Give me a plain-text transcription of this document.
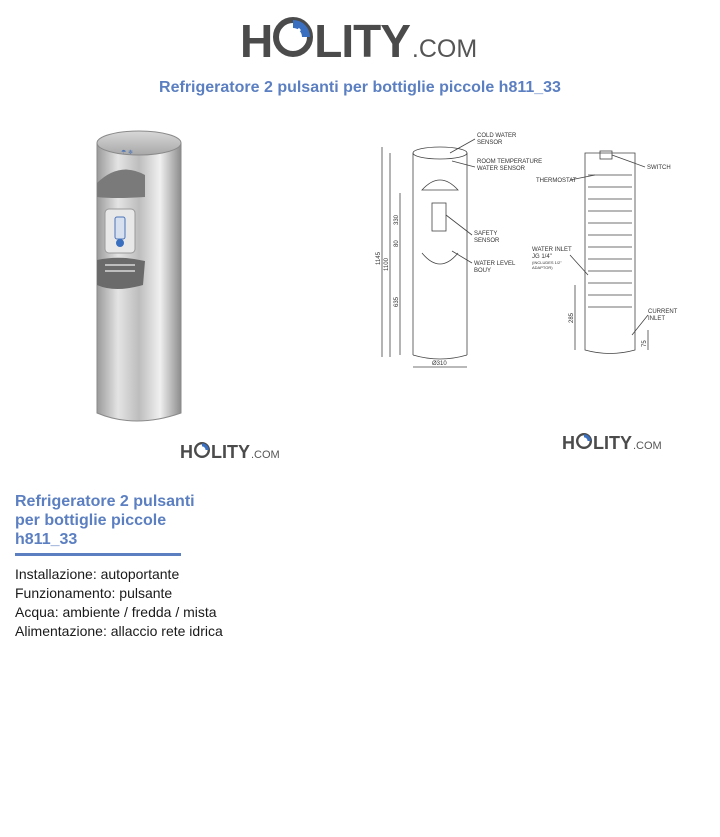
H LITY .COM
Refrigeratore 2 pulsanti per bottiglie piccole h811_33
☂ ❄
H LITY .COM
COLD WATER SENSOR
ROOM TEMPERATURE WATER SENSOR
SAFETY SENSOR
WATER LEVEL BOUY
SWITCH
THERMOSTAT
WATER INLET JG 1/4" (INCLUDES 1/2" ADAPTOR)
CURRENT INLET
1145 1100
330
80
635
Ø310
285
75
H LITY .COM
Refrigeratore 2 pulsanti
per bottiglie piccole
h811_33
Installazione: autoportante
Funzionamento: pulsante
Acqua: ambiente / fredda / mista
Alimentazione: allaccio rete idrica
